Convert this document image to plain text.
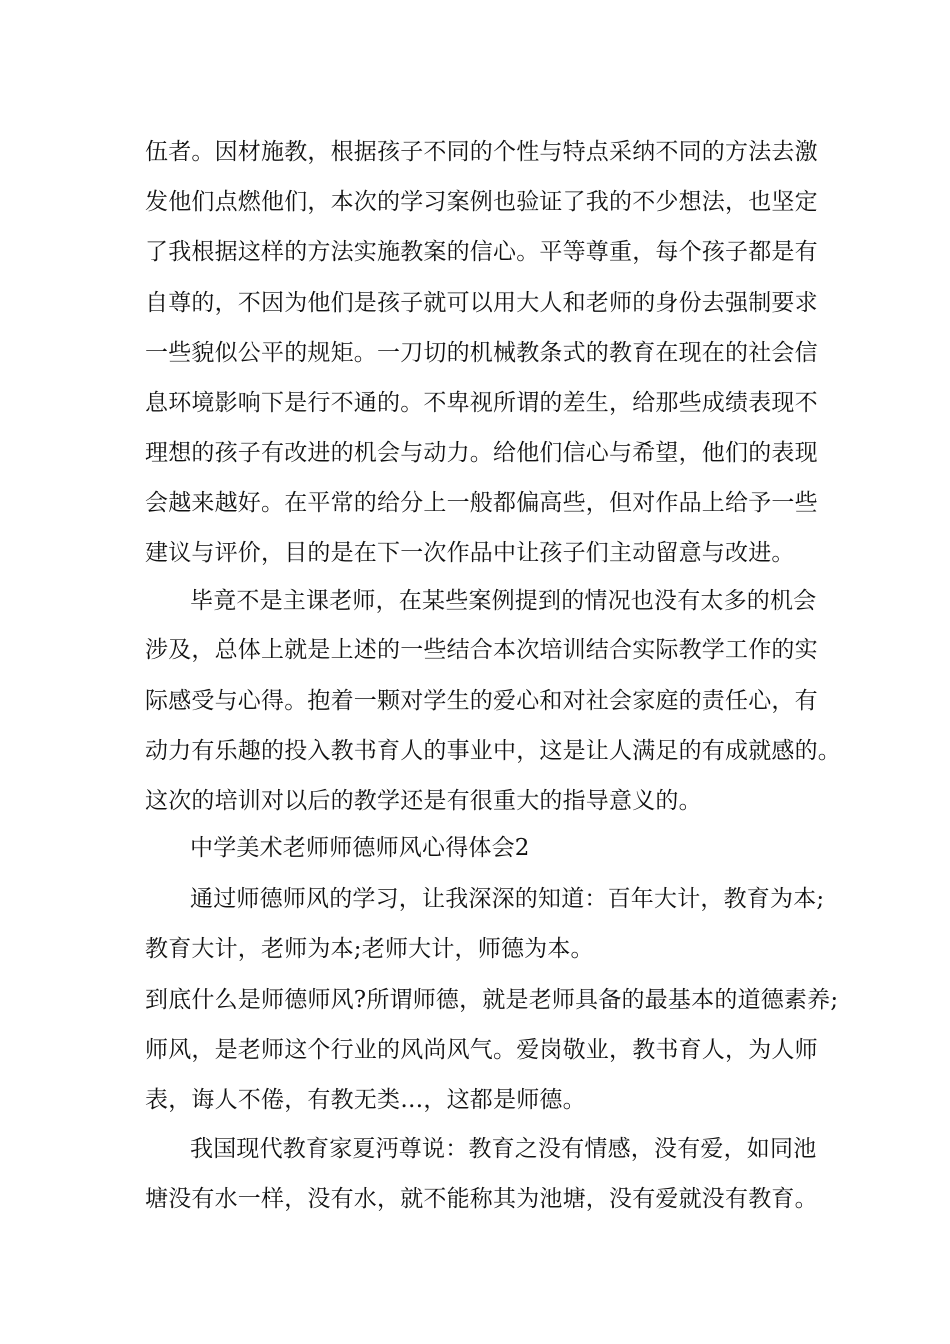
伍者。因材施教，根据孩子不同的个性与特点采纳不同的方法去激
发他们点燃他们，本次的学习案例也验证了我的不少想法，也坚定
了我根据这样的方法实施教案的信心。平等尊重，每个孩子都是有
自尊的，不因为他们是孩子就可以用大人和老师的身份去强制要求
一些貌似公平的规矩。一刀切的机械教条式的教育在现在的社会信
息环境影响下是行不通的。不卑视所谓的差生，给那些成绩表现不
理想的孩子有改进的机会与动力。给他们信心与希望，他们的表现
会越来越好。在平常的给分上一般都偏高些，但对作品上给予一些
建议与评价，目的是在下一次作品中让孩子们主动留意与改进。
毕竟不是主课老师，在某些案例提到的情况也没有太多的机会
涉及，总体上就是上述的一些结合本次培训结合实际教学工作的实
际感受与心得。抱着一颗对学生的爱心和对社会家庭的责任心，有
动力有乐趣的投入教书育人的事业中，这是让人满足的有成就感的。
这次的培训对以后的教学还是有很重大的指导意义的。
中学美术老师师德师风心得体会2
通过师德师风的学习，让我深深的知道：百年大计，教育为本;
教育大计，老师为本;老师大计，师德为本。
到底什么是师德师风?所谓师德，就是老师具备的最基本的道德素养;
师风，是老师这个行业的风尚风气。爱岗敬业，教书育人，为人师
表，诲人不倦，有教无类…，这都是师德。
我国现代教育家夏沔尊说：教育之没有情感，没有爱，如同池
塘没有水一样，没有水，就不能称其为池塘，没有爱就没有教育。
